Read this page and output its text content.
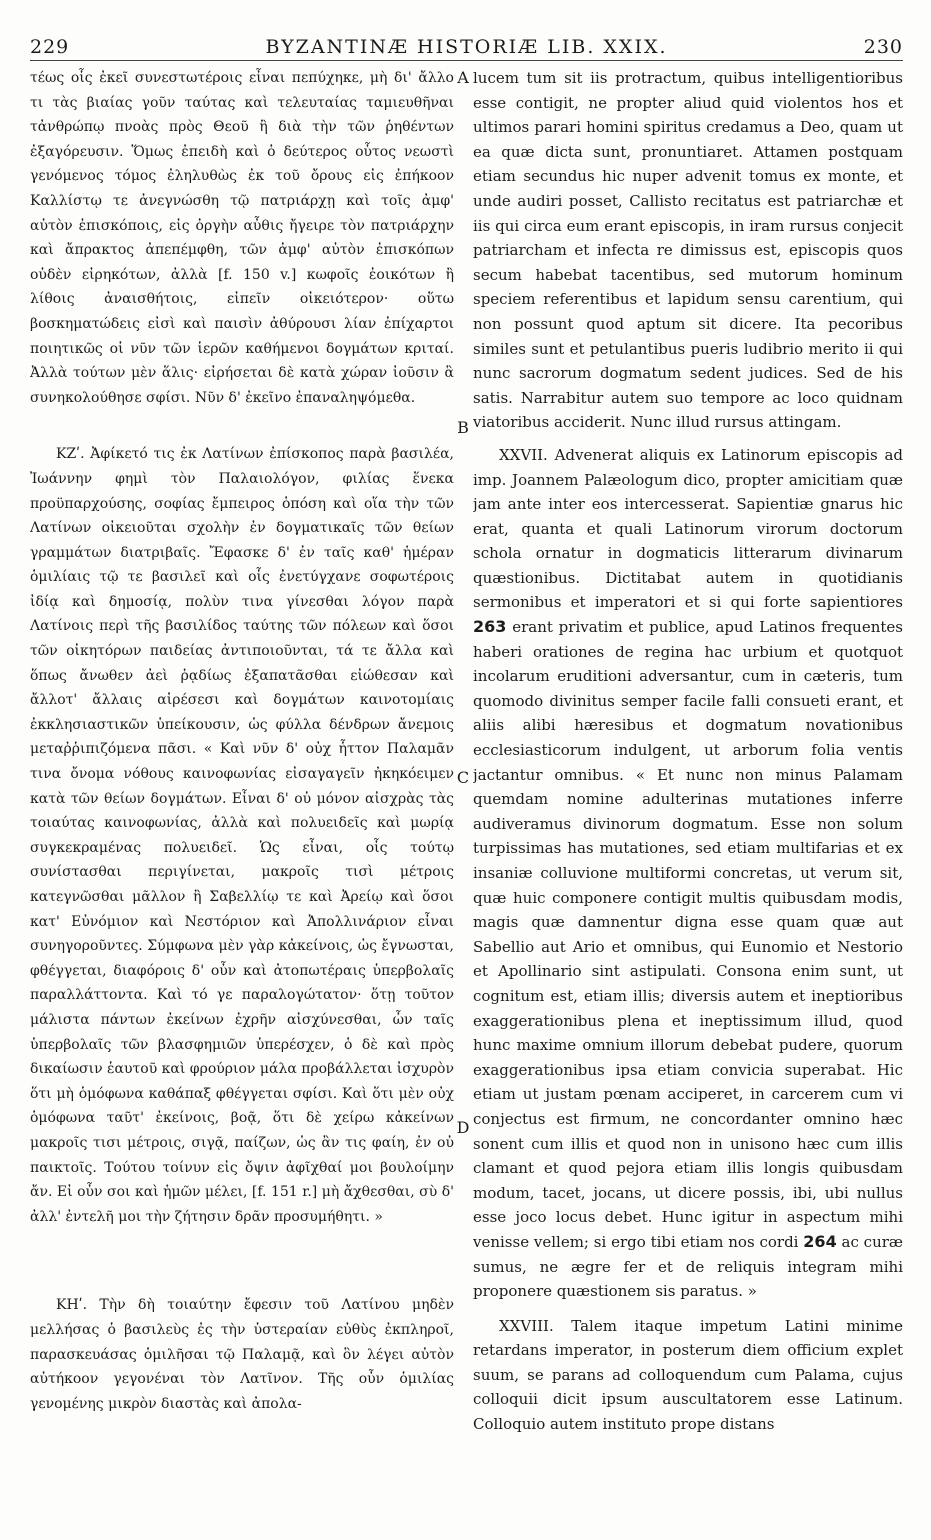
229	BYZANTINÆ HISTORIÆ LIB. XXIX.	230
A
B
C
D

τέως οἷς ἐκεῖ συνεστωτέροις εἶναι πεπύχηκε, μὴ δι' ἄλλο τι τὰς βιαίας γοῦν ταύτας καὶ τελευταίας ταμιευθῆναι τἀνθρώπῳ πνοὰς πρὸς Θεοῦ ἢ διὰ τὴν τῶν ῥηθέντων ἐξαγόρευσιν. Ὅμως ἐπειδὴ καὶ ὁ δεύτερος οὗτος νεωστὶ γενόμενος τόμος ἐληλυθὼς ἐκ τοῦ ὄρους εἰς ἐπήκοον Καλλίστῳ τε ἀνεγνώσθη τῷ πατριάρχῃ καὶ τοῖς ἀμφ' αὐτὸν ἐπισκόποις, εἰς ὀργὴν αὖθις ἤγειρε τὸν πατριάρχην καὶ ἄπρακτος ἀπεπέμφθη, τῶν ἀμφ' αὐτὸν ἐπισκόπων οὐδὲν εἰρηκότων, ἀλλὰ [f. 150 v.] κωφοῖς ἐοικότων ἢ λίθοις ἀναισθήτοις, εἰπεῖν οἰκειότερον· οὕτω βοσκηματώδεις εἰσὶ καὶ παισὶν ἀθύρουσι λίαν ἐπίχαρτοι ποιητικῶς οἱ νῦν τῶν ἱερῶν καθήμενοι δογμάτων κριταί. Ἀλλὰ τούτων μὲν ἅλις· εἰρήσεται δὲ κατὰ χώραν ἰοῦσιν ἃ συνηκολούθησε σφίσι. Νῦν δ' ἐκεῖνο ἐπαναληψόμεθα.

ΚΖʹ. Ἀφίκετό τις ἐκ Λατίνων ἐπίσκοπος παρὰ βασιλέα, Ἰωάννην φημὶ τὸν Παλαιολόγον, φιλίας ἕνεκα προϋπαρχούσης, σοφίας ἔμπειρος ὁπόση καὶ οἵα τὴν τῶν Λατίνων οἰκειοῦται σχολὴν ἐν δογματικαῖς τῶν θείων γραμμάτων διατριβαῖς. Ἔφασκε δ' ἐν ταῖς καθ' ἡμέραν ὁμιλίαις τῷ τε βασιλεῖ καὶ οἷς ἐνετύγχανε σοφωτέροις ἰδίᾳ καὶ δημοσίᾳ, πολὺν τινα γίνεσθαι λόγον παρὰ Λατίνοις περὶ τῆς βασιλίδος ταύτης τῶν πόλεων καὶ ὅσοι τῶν οἰκητόρων παιδείας ἀντιποιοῦνται, τά τε ἄλλα καὶ ὅπως ἄνωθεν ἀεὶ ῥᾳδίως ἐξαπατᾶσθαι εἰώθεσαν καὶ ἄλλοτ' ἄλλαις αἱρέσεσι καὶ δογμάτων καινοτομίαις ἐκκλησιαστικῶν ὑπείκουσιν, ὡς φύλλα δένδρων ἄνεμοις μεταῤῥιπιζόμενα πᾶσι. « Καὶ νῦν δ' οὐχ ἧττον Παλαμᾶν τινα ὄνομα νόθους καινοφωνίας εἰσαγαγεῖν ἠκηκόειμεν κατὰ τῶν θείων δογμάτων. Εἶναι δ' οὐ μόνον αἰσχρὰς τὰς τοιαύτας καινοφωνίας, ἀλλὰ καὶ πολυειδεῖς καὶ μωρίᾳ συγκεκραμένας πολυειδεῖ. Ὡς εἶναι, οἷς τούτῳ συνίστασθαι περιγίνεται, μακροῖς τισὶ μέτροις κατεγνῶσθαι μᾶλλον ἢ Σαβελλίῳ τε καὶ Ἀρείῳ καὶ ὅσοι κατ' Εὐνόμιον καὶ Νεστόριον καὶ Ἀπολλινάριον εἶναι συνηγοροῦντες. Σύμφωνα μὲν γὰρ κἀκείνοις, ὡς ἔγνωσται, φθέγγεται, διαφόροις δ' οὖν καὶ ἀτοπωτέραις ὑπερβολαῖς παραλλάττοντα. Καὶ τό γε παραλογώτατον· ὅτῃ τοῦτον μάλιστα πάντων ἐκείνων ἐχρῆν αἰσχύνεσθαι, ὧν ταῖς ὑπερβολαῖς τῶν βλασφημιῶν ὑπερέσχεν, ὁ δὲ καὶ πρὸς δικαίωσιν ἑαυτοῦ καὶ φρούριον μάλα προβάλλεται ἰσχυρὸν ὅτι μὴ ὁμόφωνα καθάπαξ φθέγγεται σφίσι. Καὶ ὅτι μὲν οὐχ ὁμόφωνα ταῦτ' ἐκείνοις, βοᾷ, ὅτι δὲ χείρω κἀκείνων μακροῖς τισι μέτροις, σιγᾷ, παίζων, ὡς ἂν τις φαίη, ἐν οὐ παικτοῖς. Τούτου τοίνυν εἰς ὄψιν ἀφῖχθαί μοι βουλοίμην ἄν. Εἰ οὖν σοι καὶ ἡμῶν μέλει, [f. 151 r.] μὴ ἄχθεσθαι, σὺ δ' ἀλλ' ἐντελῆ μοι τὴν ζήτησιν δρᾶν προσυμήθητι. »

ΚΗʹ. Τὴν δὴ τοιαύτην ἔφεσιν τοῦ Λατίνου μηδὲν μελλήσας ὁ βασιλεὺς ἐς τὴν ὑστεραίαν εὐθὺς ἐκπληροῖ, παρασκευάσας ὁμιλῆσαι τῷ Παλαμᾷ, καὶ ὃν λέγει αὐτὸν αὐτήκοον γεγονέναι τὸν Λατῖνον. Τῆς οὖν ὁμιλίας γενομένης μικρὸν διαστὰς καὶ ἀπολα-

lucem tum sit iis protractum, quibus intelligentioribus esse contigit, ne propter aliud quid violentos hos et ultimos parari homini spiritus credamus a Deo, quam ut ea quæ dicta sunt, pronuntiaret. Attamen postquam etiam secundus hic nuper advenit tomus ex monte, et unde audiri posset, Callisto recitatus est patriarchæ et iis qui circa eum erant episcopis, in iram rursus conjecit patriarcham et infecta re dimissus est, episcopis quos secum habebat tacentibus, sed mutorum hominum speciem referentibus et lapidum sensu carentium, qui non possunt quod aptum sit dicere. Ita pecoribus similes sunt et petulantibus pueris ludibrio merito ii qui nunc sacrorum dogmatum sedent judices. Sed de his satis. Narrabitur autem suo tempore ac loco quidnam viatoribus acciderit. Nunc illud rursus attingam.

XXVII. Advenerat aliquis ex Latinorum episcopis ad imp. Joannem Palæologum dico, propter amicitiam quæ jam ante inter eos intercesserat. Sapientiæ gnarus hic erat, quanta et quali Latinorum virorum doctorum schola ornatur in dogmaticis litterarum divinarum quæstionibus. Dictitabat autem in quotidianis sermonibus et imperatori et si qui forte sapientiores 263 erant privatim et publice, apud Latinos frequentes haberi orationes de regina hac urbium et quotquot incolarum eruditioni adversantur, cum in cæteris, tum quomodo divinitus semper facile falli consueti erant, et aliis alibi hæresibus et dogmatum novationibus ecclesiasticorum indulgent, ut arborum folia ventis jactantur omnibus. « Et nunc non minus Palamam quemdam nomine adulterinas mutationes inferre audiveramus divinorum dogmatum. Esse non solum turpissimas has mutationes, sed etiam multifarias et ex insaniæ colluvione multiformi concretas, ut verum sit, quæ huic componere contigit multis quibusdam modis, magis quæ damnentur digna esse quam quæ aut Sabellio aut Ario et omnibus, qui Eunomio et Nestorio et Apollinario sint astipulati. Consona enim sunt, ut cognitum est, etiam illis; diversis autem et ineptioribus exaggerationibus plena et ineptissimum illud, quod hunc maxime omnium illorum debebat pudere, quorum exaggerationibus ipsa etiam convicia superabat. Hic etiam ut justam pœnam acciperet, in carcerem cum vi conjectus est firmum, ne concordanter omnino hæc sonent cum illis et quod non in unisono hæc cum illis clamant et quod pejora etiam illis longis quibusdam modum, tacet, jocans, ut dicere possis, ibi, ubi nullus esse joco locus debet. Hunc igitur in aspectum mihi venisse vellem; si ergo tibi etiam nos cordi 264 ac curæ sumus, ne ægre fer et de reliquis integram mihi proponere quæstionem sis paratus. »

XXVIII. Talem itaque impetum Latini minime retardans imperator, in posterum diem officium explet suum, se parans ad colloquendum cum Palama, cujus colloquii dicit ipsum auscultatorem esse Latinum. Colloquio autem instituto prope distans
